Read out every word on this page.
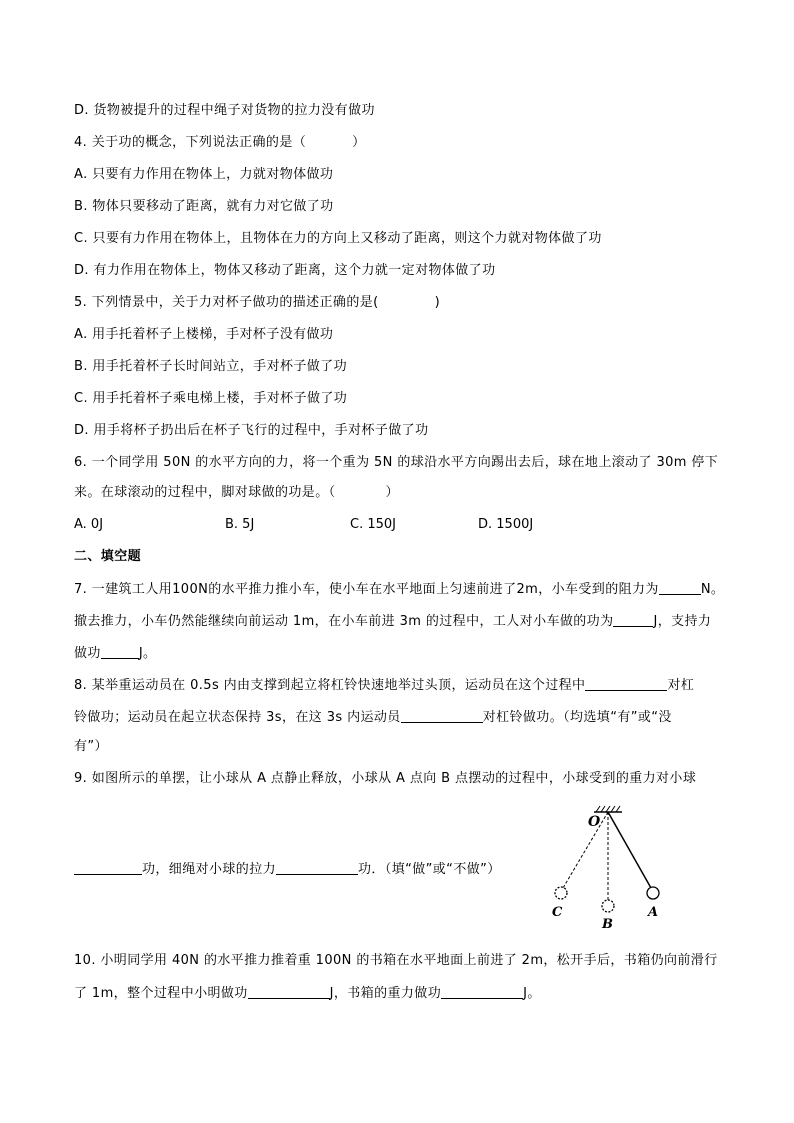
D. 货物被提升的过程中绳子对货物的拉力没有做功
4. 关于功的概念，下列说法正确的是（	）
A. 只要有力作用在物体上，力就对物体做功
B. 物体只要移动了距离，就有力对它做了功
C. 只要有力作用在物体上，且物体在力的方向上又移动了距离，则这个力就对物体做了功
D. 有力作用在物体上，物体又移动了距离，这个力就一定对物体做了功
5. 下列情景中，关于力对杯子做功的描述正确的是(	)
A. 用手托着杯子上楼梯，手对杯子没有做功
B. 用手托着杯子长时间站立，手对杯子做了功
C. 用手托着杯子乘电梯上楼，手对杯子做了功
D. 用手将杯子扔出后在杯子飞行的过程中，手对杯子做了功
6. 一个同学用 50N 的水平方向的力，将一个重为 5N 的球沿水平方向踢出去后，球在地上滚动了 30m 停下
来。在球滚动的过程中，脚对球做的功是。（	）
A. 0J	B. 5J	C. 150J	D. 1500J
二、填空题
7. 一建筑工人用100N的水平推力推小车，使小车在水平地面上匀速前进了2m，小车受到的阻力为	N。
撤去推力，小车仍然能继续向前运动 1m，在小车前进 3m 的过程中，工人对小车做的功为	J，支持力
做功	J。
8. 某举重运动员在 0.5s 内由支撑到起立将杠铃快速地举过头顶，运动员在这个过程中	对杠
铃做功；运动员在起立状态保持 3s，在这 3s 内运动员	对杠铃做功。（均选填“有”或“没
有”）
9. 如图所示的单摆，让小球从 A 点静止释放，小球从 A 点向 B 点摆动的过程中，小球受到的重力对小球
功，细绳对小球的拉力	功．（填“做”或“不做”）
O
A
B
C
10. 小明同学用 40N 的水平推力推着重 100N 的书箱在水平地面上前进了 2m，松开手后，书箱仍向前滑行
了 1m，整个过程中小明做功	J，书箱的重力做功	J。
